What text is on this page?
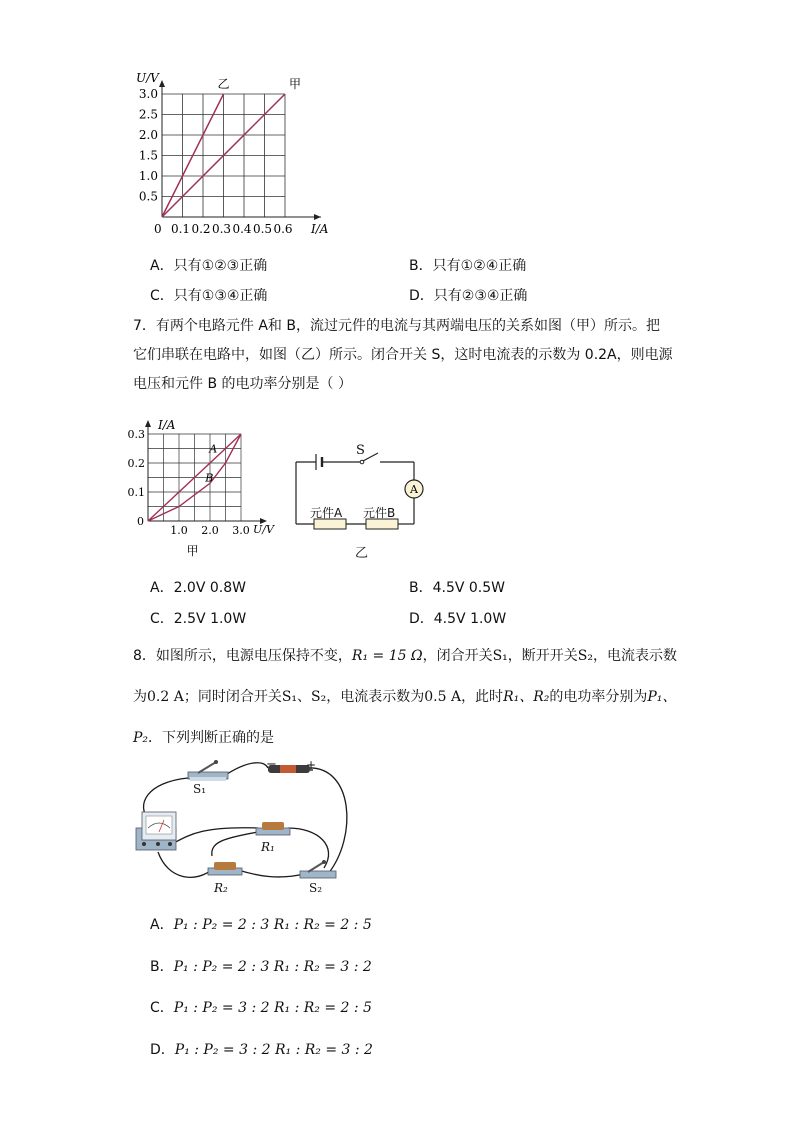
U/V
I/A
乙	甲
0 0.1 0.2 0.3 0.4 0.5 0.6
0.5
1.0
1.5
2.0
2.5
3.0
A．只有①②③正确	B．只有①②④正确
C．只有①③④正确	D．只有②③④正确
7．有两个电路元件 A和 B，流过元件的电流与其两端电压的关系如图（甲）所示。把
它们串联在电路中，如图（乙）所示。闭合开关 S，这时电流表的示数为 0.2A，则电源
电压和元件 B 的电功率分别是（ ）
I/A
U/V
0
甲
A
B
1.0 2.0 3.0
0.1
0.2
0.3
A
S
元件A 元件B
乙
A．2.0V 0.8W	B．4.5V 0.5W
C．2.5V 1.0W	D．4.5V 1.0W
8．如图所示，电源电压保持不变，R₁ = 15 Ω，闭合开关S₁，断开开关S₂，电流表示数
为0.2 A；同时闭合开关S₁、S₂，电流表示数为0.5 A，此时R₁、R₂的电功率分别为P₁、
P₂．下列判断正确的是
S₁
− +
R₁
R₂	S₂
A．P₁ : P₂ = 2 : 3 R₁ : R₂ = 2 : 5
B．P₁ : P₂ = 2 : 3 R₁ : R₂ = 3 : 2
C．P₁ : P₂ = 3 : 2 R₁ : R₂ = 2 : 5
D．P₁ : P₂ = 3 : 2 R₁ : R₂ = 3 : 2
